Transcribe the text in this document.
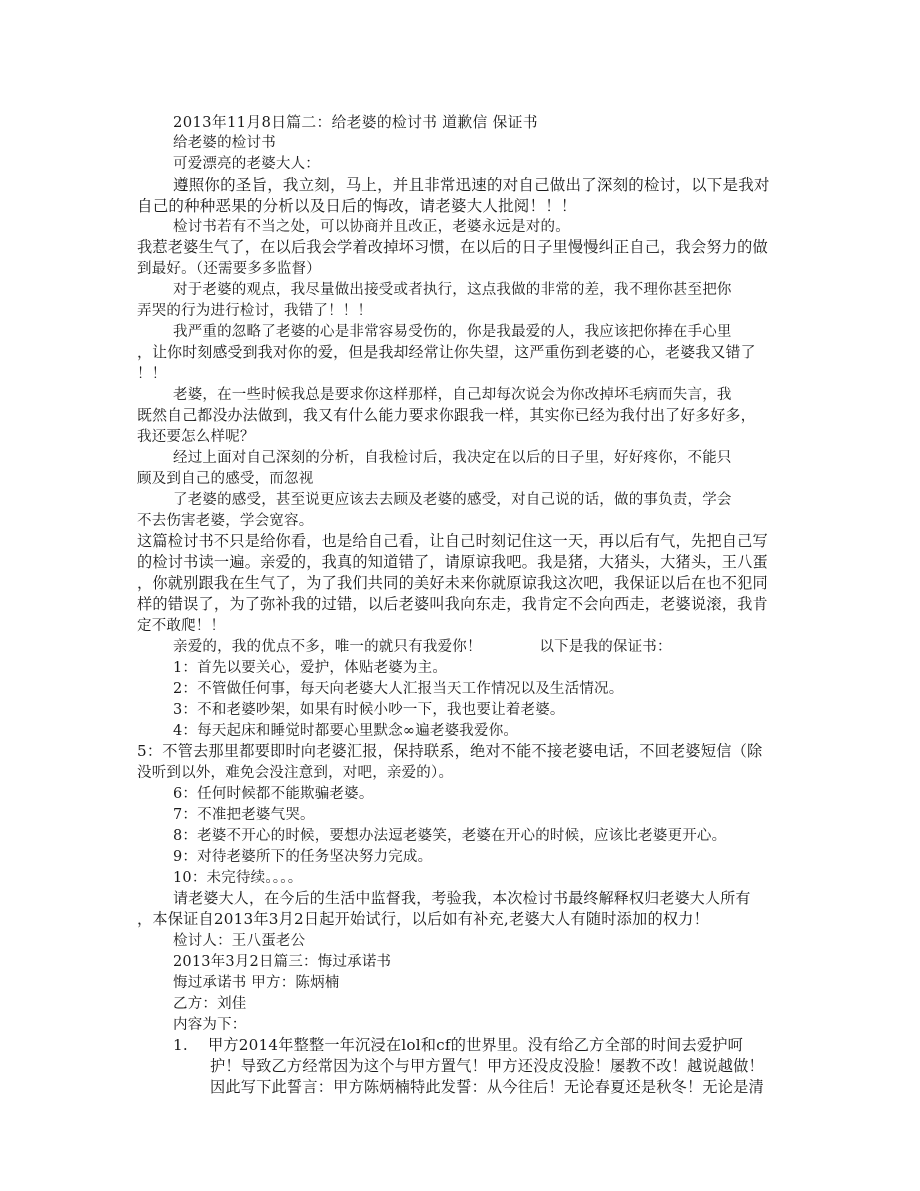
2013年11月8日篇二：给老婆的检讨书 道歉信 保证书
给老婆的检讨书
可爱漂亮的老婆大人：
遵照你的圣旨，我立刻，马上，并且非常迅速的对自己做出了深刻的检讨，以下是我对
自己的种种恶果的分析以及日后的悔改，请老婆大人批阅！！！
检讨书若有不当之处，可以协商并且改正，老婆永远是对的。
我惹老婆生气了，在以后我会学着改掉坏习惯，在以后的日子里慢慢纠正自己，我会努力的做
到最好。（还需要多多监督）
对于老婆的观点，我尽量做出接受或者执行，这点我做的非常的差，我不理你甚至把你
弄哭的行为进行检讨，我错了！！！
我严重的忽略了老婆的心是非常容易受伤的，你是我最爱的人，我应该把你捧在手心里
，让你时刻感受到我对你的爱，但是我却经常让你失望，这严重伤到老婆的心，老婆我又错了
！！
老婆，在一些时候我总是要求你这样那样，自己却每次说会为你改掉坏毛病而失言，我
既然自己都没办法做到，我又有什么能力要求你跟我一样，其实你已经为我付出了好多好多，
我还要怎么样呢？
经过上面对自己深刻的分析，自我检讨后，我决定在以后的日子里，好好疼你，不能只
顾及到自己的感受，而忽视
了老婆的感受，甚至说更应该去去顾及老婆的感受，对自己说的话，做的事负责，学会
不去伤害老婆，学会宽容。
这篇检讨书不只是给你看，也是给自己看，让自己时刻记住这一天，再以后有气，先把自己写
的检讨书读一遍。亲爱的，我真的知道错了，请原谅我吧。我是猪，大猪头，大猪头，王八蛋
，你就别跟我在生气了，为了我们共同的美好未来你就原谅我这次吧，我保证以后在也不犯同
样的错误了，为了弥补我的过错，以后老婆叫我向东走，我肯定不会向西走，老婆说滚，我肯
定不敢爬！！
亲爱的，我的优点不多，唯一的就只有我爱你！            以下是我的保证书：
1：首先以要关心，爱护，体贴老婆为主。
2：不管做任何事，每天向老婆大人汇报当天工作情况以及生活情况。
3：不和老婆吵架，如果有时候小吵一下，我也要让着老婆。
4：每天起床和睡觉时都要心里默念∞遍老婆我爱你。
5：不管去那里都要即时向老婆汇报，保持联系，绝对不能不接老婆电话，不回老婆短信（除
没听到以外，难免会没注意到，对吧，亲爱的）。
6：任何时候都不能欺骗老婆。
7：不准把老婆气哭。
8：老婆不开心的时候，要想办法逗老婆笑，老婆在开心的时候，应该比老婆更开心。
9：对待老婆所下的任务坚决努力完成。
10：未完待续。。。。
请老婆大人，在今后的生活中监督我，考验我，本次检讨书最终解释权归老婆大人所有
，本保证自2013年3月2日起开始试行，以后如有补充,老婆大人有随时添加的权力！
检讨人：王八蛋老公
2013年3月2日篇三：悔过承诺书
悔过承诺书 甲方：陈炳楠
乙方：刘佳
内容为下：
1.    甲方2014年整整一年沉浸在lol和cf的世界里。没有给乙方全部的时间去爱护呵
护！导致乙方经常因为这个与甲方置气！甲方还没皮没脸！屡教不改！越说越做！
因此写下此誓言：甲方陈炳楠特此发誓：从今往后！无论春夏还是秋冬！无论是清
